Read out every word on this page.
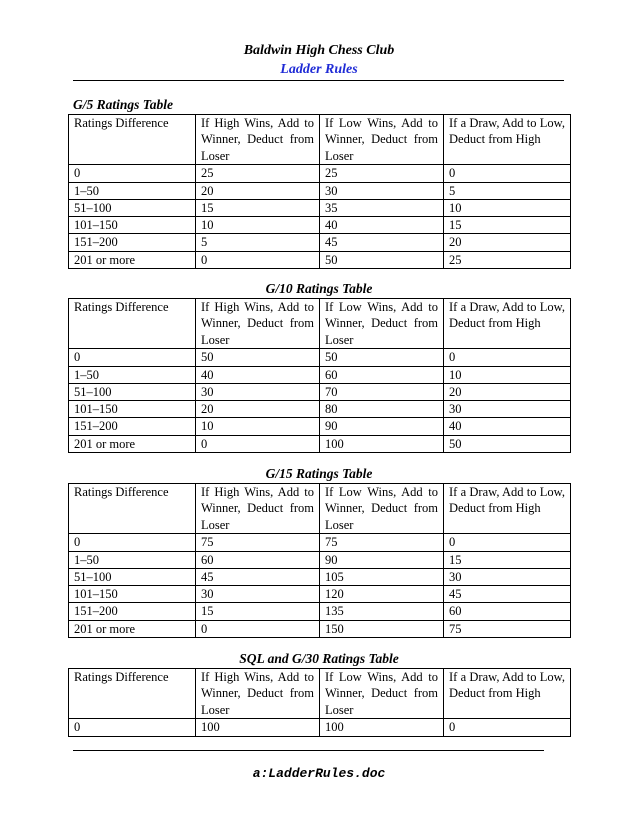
Baldwin High Chess Club
Ladder Rules
G/5 Ratings Table
Ratings Difference	If High Wins, Add to Winner, Deduct from Loser	If Low Wins, Add to Winner, Deduct from Loser	If a Draw, Add to Low, Deduct from High
0	25	25	0
1–50	20	30	5
51–100	15	35	10
101–150	10	40	15
151–200	5	45	20
201 or more	0	50	25
G/10 Ratings Table
Ratings Difference	If High Wins, Add to Winner, Deduct from Loser	If Low Wins, Add to Winner, Deduct from Loser	If a Draw, Add to Low, Deduct from High
0	50	50	0
1–50	40	60	10
51–100	30	70	20
101–150	20	80	30
151–200	10	90	40
201 or more	0	100	50
G/15 Ratings Table
Ratings Difference	If High Wins, Add to Winner, Deduct from Loser	If Low Wins, Add to Winner, Deduct from Loser	If a Draw, Add to Low, Deduct from High
0	75	75	0
1–50	60	90	15
51–100	45	105	30
101–150	30	120	45
151–200	15	135	60
201 or more	0	150	75
SQL and G/30 Ratings Table
Ratings Difference	If High Wins, Add to Winner, Deduct from Loser	If Low Wins, Add to Winner, Deduct from Loser	If a Draw, Add to Low, Deduct from High
0	100	100	0
a:LadderRules.doc
